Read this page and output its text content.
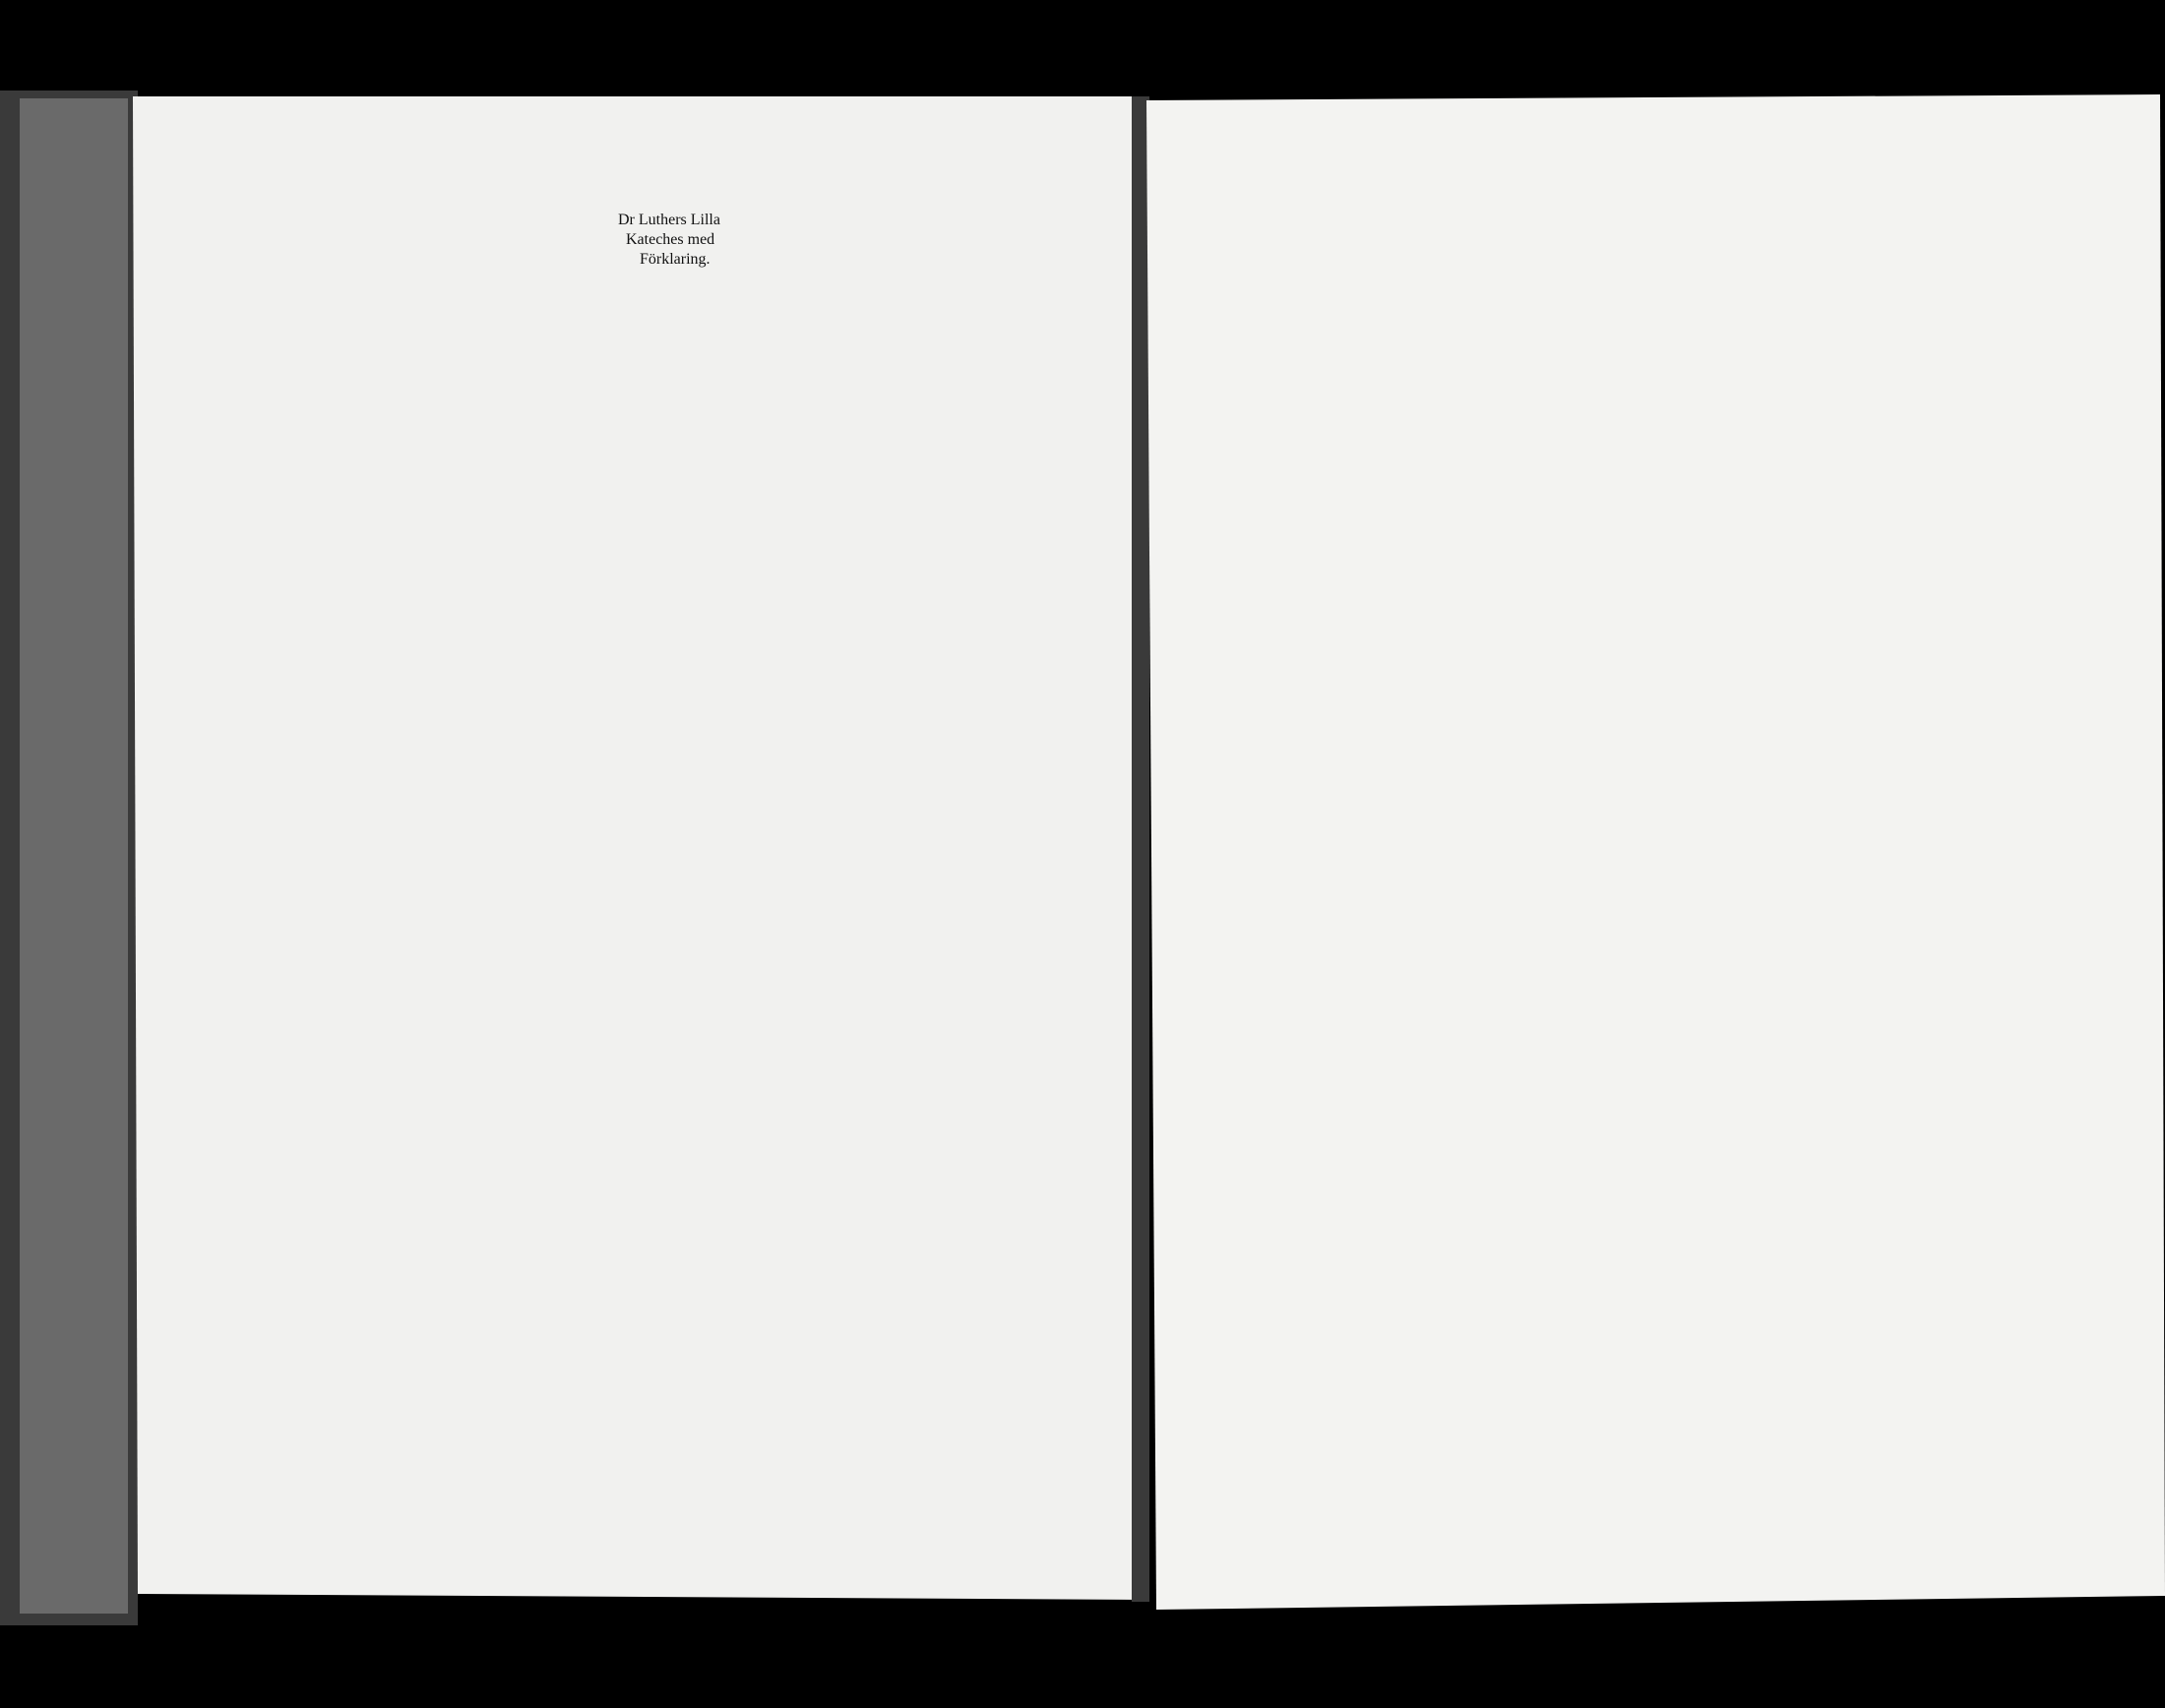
Dr Luthers Lilla Kateches med Förklaring.
